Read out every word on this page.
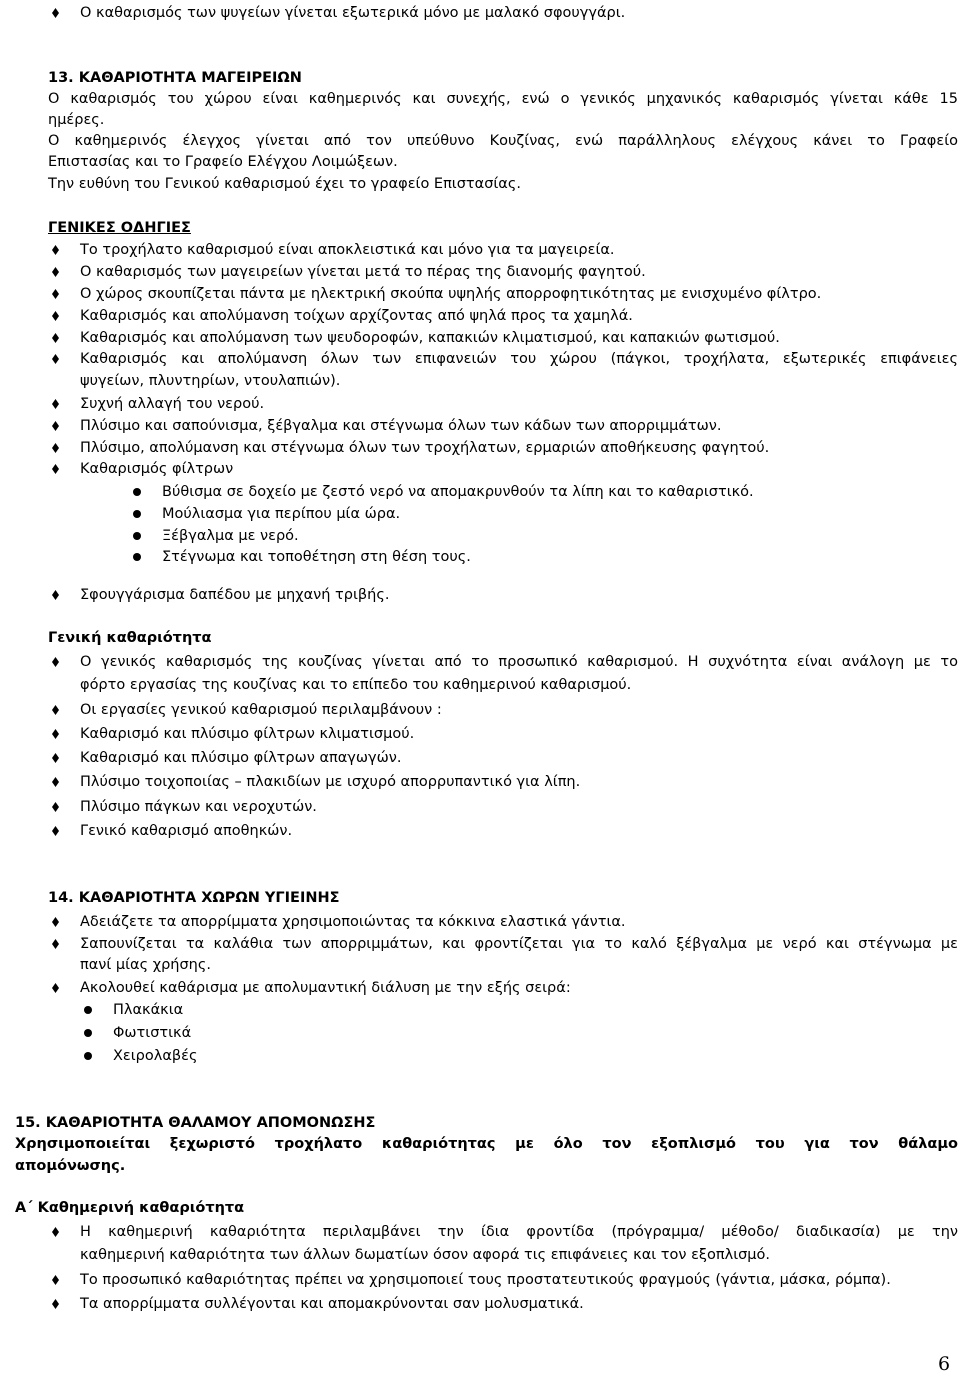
Ο καθαρισμός των ψυγείων γίνεται εξωτερικά μόνο με μαλακό σφουγγάρι.
13. ΚΑΘΑΡΙΟΤΗΤΑ ΜΑΓΕΙΡΕΙΩΝ
Ο καθαρισμός του χώρου είναι καθημερινός και συνεχής, ενώ ο γενικός μηχανικός καθαρισμός γίνεται κάθε 15
ημέρες.
Ο καθημερινός έλεγχος γίνεται από τον υπεύθυνο Κουζίνας, ενώ παράλληλους ελέγχους κάνει το Γραφείο
Επιστασίας και το Γραφείο Ελέγχου Λοιμώξεων.
Την ευθύνη του Γενικού καθαρισμού έχει το γραφείο Επιστασίας.
ΓΕΝΙΚΕΣ ΟΔΗΓΙΕΣ
Το τροχήλατο καθαρισμού είναι αποκλειστικά και μόνο για τα μαγειρεία.
Ο καθαρισμός των μαγειρείων γίνεται μετά το πέρας της διανομής φαγητού.
Ο χώρος σκουπίζεται πάντα με ηλεκτρική σκούπα υψηλής απορροφητικότητας με ενισχυμένο φίλτρο.
Καθαρισμός και απολύμανση τοίχων αρχίζοντας από ψηλά προς τα χαμηλά.
Καθαρισμός και απολύμανση των ψευδοροφών, καπακιών κλιματισμού, και καπακιών φωτισμού.
Καθαρισμός και απολύμανση όλων των επιφανειών του χώρου (πάγκοι, τροχήλατα, εξωτερικές επιφάνειες
ψυγείων, πλυντηρίων, ντουλαπιών).
Συχνή αλλαγή του νερού.
Πλύσιμο και σαπούνισμα, ξέβγαλμα και στέγνωμα όλων των κάδων των απορριμμάτων.
Πλύσιμο, απολύμανση και στέγνωμα όλων των τροχήλατων, ερμαριών αποθήκευσης φαγητού.
Καθαρισμός φίλτρων
Βύθισμα σε δοχείο με ζεστό νερό να απομακρυνθούν τα λίπη και το καθαριστικό.
Μούλιασμα για περίπου μία ώρα.
Ξέβγαλμα με νερό.
Στέγνωμα και τοποθέτηση στη θέση τους.
Σφουγγάρισμα δαπέδου με μηχανή τριβής.
Γενική καθαριότητα
Ο γενικός καθαρισμός της κουζίνας γίνεται από το προσωπικό καθαρισμού. Η συχνότητα είναι ανάλογη με το
φόρτο εργασίας της κουζίνας και το επίπεδο του καθημερινού καθαρισμού.
Οι εργασίες γενικού καθαρισμού περιλαμβάνουν :
Καθαρισμό και πλύσιμο φίλτρων κλιματισμού.
Καθαρισμό και πλύσιμο φίλτρων απαγωγών.
Πλύσιμο τοιχοποιίας – πλακιδίων με ισχυρό απορρυπαντικό για λίπη.
Πλύσιμο πάγκων και νεροχυτών.
Γενικό καθαρισμό αποθηκών.
14. ΚΑΘΑΡΙΟΤΗΤΑ ΧΩΡΩΝ ΥΓΙΕΙΝΗΣ
Αδειάζετε τα απορρίμματα χρησιμοποιώντας τα κόκκινα ελαστικά γάντια.
Σαπουνίζεται τα καλάθια των απορριμμάτων, και φροντίζεται για το καλό ξέβγαλμα με νερό και στέγνωμα με
πανί μίας χρήσης.
Ακολουθεί καθάρισμα με απολυμαντική διάλυση με την εξής σειρά:
Πλακάκια
Φωτιστικά
Χειρολαβές
15. ΚΑΘΑΡΙΟΤΗΤΑ ΘΑΛΑΜΟΥ ΑΠΟΜΟΝΩΣΗΣ
Χρησιμοποιείται ξεχωριστό τροχήλατο καθαριότητας με όλο τον εξοπλισμό του για τον θάλαμο
απομόνωσης.
Α΄ Καθημερινή καθαριότητα
Η καθημερινή καθαριότητα περιλαμβάνει την ίδια φροντίδα (πρόγραμμα/ μέθοδο/ διαδικασία) με την
καθημερινή καθαριότητα των άλλων δωματίων όσον αφορά τις επιφάνειες και τον εξοπλισμό.
Το προσωπικό καθαριότητας πρέπει να χρησιμοποιεί τους προστατευτικούς φραγμούς (γάντια, μάσκα, ρόμπα).
Τα απορρίμματα συλλέγονται και απομακρύνονται σαν μολυσματικά.
6
